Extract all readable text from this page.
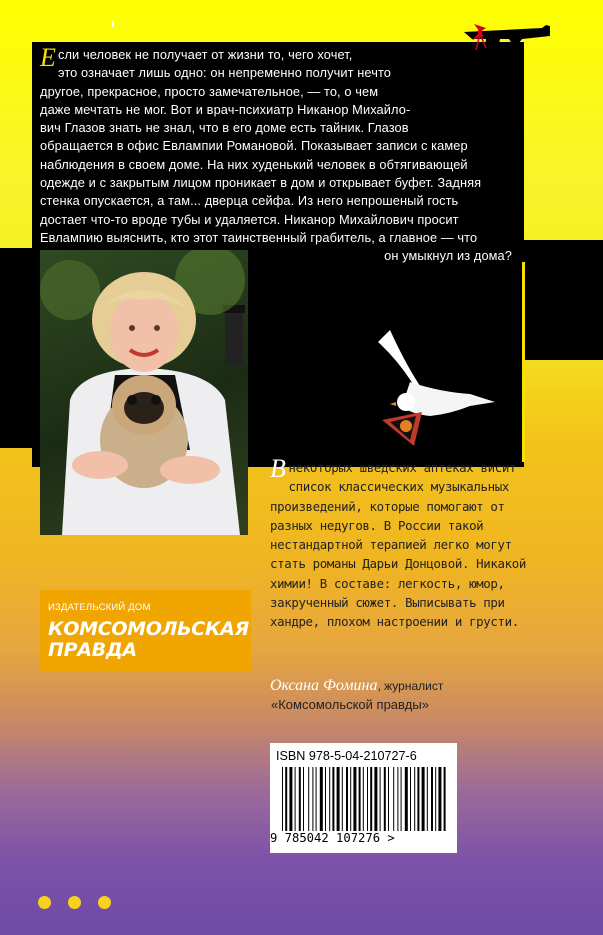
Е сли человек не получает от жизни то, чего хочет,
это означает лишь одно: он непременно получит нечто
другое, прекрасное, просто замечательное, — то, о чем
даже мечтать не мог. Вот и врач-психиатр Никанор Михайло-
вич Глазов знать не знал, что в его доме есть тайник. Глазов
обращается в офис Евлампии Романовой. Показывает записи с камер
наблюдения в своем доме. На них худенький человек в обтягивающей
одежде и с закрытым лицом проникает в дом и открывает буфет. Задняя
стенка опускается, а там... дверца сейфа. Из него непрошеный гость
достает что-то вроде тубы и удаляется. Никанор Михайлович просит
Евлампию выяснить, кто этот таинственный грабитель, а главное — что
он умыкнул из дома?

В некоторых шведских аптеках висит список классических музыкальных произведений, которые помогают от разных недугов. В России такой нестандартной терапией легко могут стать романы Дарьи Донцовой. Никакой химии! В составе: легкость, юмор, закрученный сюжет. Выписывать при хандре, плохом настроении и грусти.

Оксана Фомина, журналист
«Комсомольской правды»
ИЗДАТЕЛЬСКИЙ ДОМ
КОМСОМОЛЬСКАЯ
ПРАВДА
ISBN 978-5-04-210727-6
9 785042 107276 >
